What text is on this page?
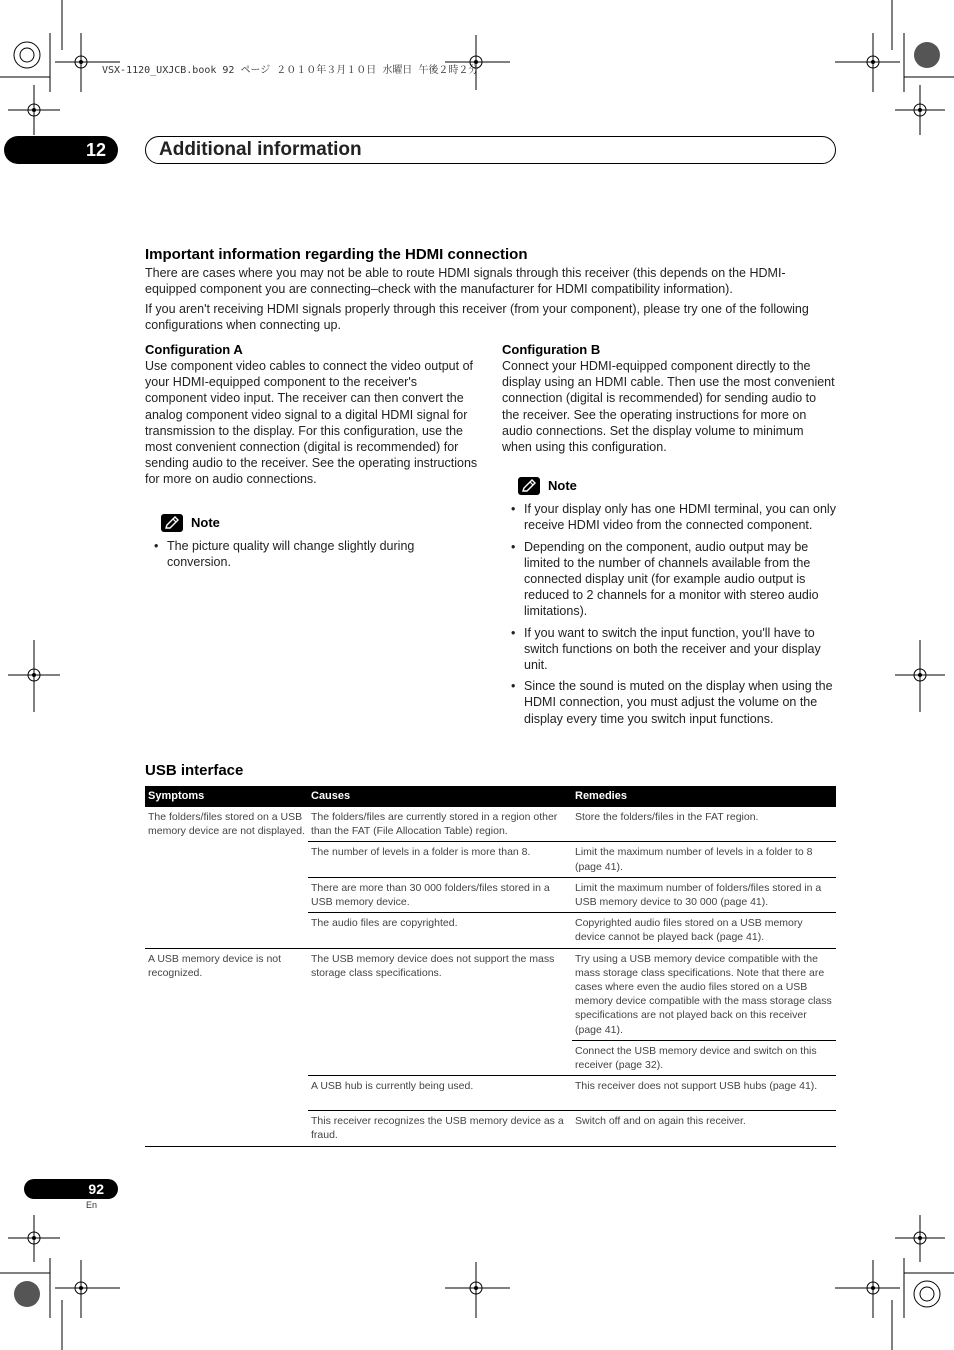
VSX-1120_UXJCB.book 92 ページ ２０１０年３月１０日 水曜日 午後２時２分
12	Additional information
Important information regarding the HDMI connection

There are cases where you may not be able to route HDMI signals through this receiver (this depends on the HDMI-equipped component you are connecting–check with the manufacturer for HDMI compatibility information).

If you aren't receiving HDMI signals properly through this receiver (from your component), please try one of the following configurations when connecting up.

Configuration A

Use component video cables to connect the video output of your HDMI-equipped component to the receiver's component video input. The receiver can then convert the analog component video signal to a digital HDMI signal for transmission to the display. For this configuration, use the most convenient connection (digital is recommended) for sending audio to the receiver. See the operating instructions for more on audio connections.

Note
• The picture quality will change slightly during conversion.
Configuration B

Connect your HDMI-equipped component directly to the display using an HDMI cable. Then use the most convenient connection (digital is recommended) for sending audio to the receiver. See the operating instructions for more on audio connections. Set the display volume to minimum when using this configuration.

Note
• If your display only has one HDMI terminal, you can only receive HDMI video from the connected component.
• Depending on the component, audio output may be limited to the number of channels available from the connected display unit (for example audio output is reduced to 2 channels for a monitor with stereo audio limitations).
• If you want to switch the input function, you'll have to switch functions on both the receiver and your display unit.
• Since the sound is muted on the display when using the HDMI connection, you must adjust the volume on the display every time you switch input functions.
USB interface
Symptoms	Causes	Remedies
The folders/files stored on a USB memory device are not displayed.	The folders/files are currently stored in a region other than the FAT (File Allocation Table) region.	Store the folders/files in the FAT region.
	The number of levels in a folder is more than 8.	Limit the maximum number of levels in a folder to 8 (page 41).
	There are more than 30 000 folders/files stored in a USB memory device.	Limit the maximum number of folders/files stored in a USB memory device to 30 000 (page 41).
	The audio files are copyrighted.	Copyrighted audio files stored on a USB memory device cannot be played back (page 41).
A USB memory device is not recognized.	The USB memory device does not support the mass storage class specifications.	Try using a USB memory device compatible with the mass storage class specifications. Note that there are cases where even the audio files stored on a USB memory device compatible with the mass storage class specifications are not played back on this receiver (page 41).
		Connect the USB memory device and switch on this receiver (page 32).
	A USB hub is currently being used.	This receiver does not support USB hubs (page 41).
	This receiver recognizes the USB memory device as a fraud.	Switch off and on again this receiver.
92
En
